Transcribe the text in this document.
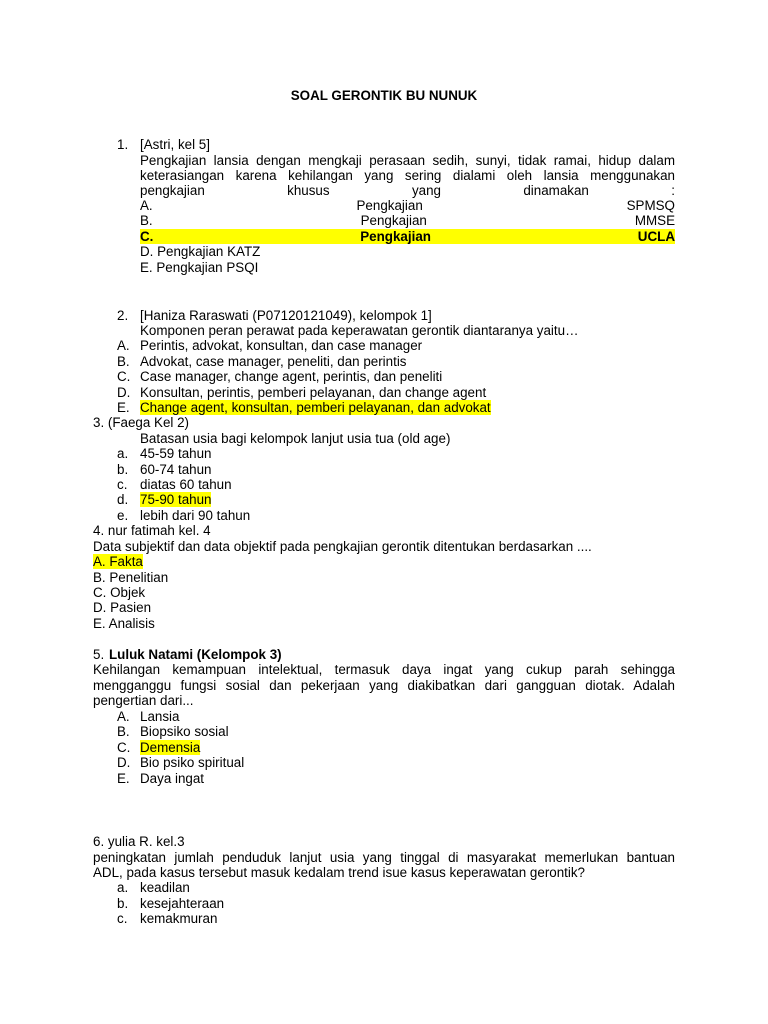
SOAL GERONTIK BU NUNUK
1. [Astri, kel 5]
Pengkajian lansia dengan mengkaji perasaan sedih, sunyi, tidak ramai, hidup dalam
keterasiangan karena kehilangan yang sering dialami oleh lansia menggunakan
pengkajian	khusus	yang	dinamakan	:
A.	Pengkajian	SPMSQ
B.	Pengkajian	MMSE
C.	Pengkajian	UCLA
D. Pengkajian KATZ
E. Pengkajian PSQI
2. [Haniza Raraswati (P07120121049), kelompok 1]
Komponen peran perawat pada keperawatan gerontik diantaranya yaitu…
A. Perintis, advokat, konsultan, dan case manager
B. Advokat, case manager, peneliti, dan perintis
C. Case manager, change agent, perintis, dan peneliti
D. Konsultan, perintis, pemberi pelayanan, dan change agent
E. Change agent, konsultan, pemberi pelayanan, dan advokat
3. (Faega Kel 2)
Batasan usia bagi kelompok lanjut usia tua (old age)
a. 45-59 tahun
b. 60-74 tahun
c. diatas 60 tahun
d. 75-90 tahun
e. lebih dari 90 tahun
4. nur fatimah kel. 4
Data subjektif dan data objektif pada pengkajian gerontik ditentukan berdasarkan ....
A. Fakta
B. Penelitian
C. Objek
D. Pasien
E. Analisis
5. Luluk Natami (Kelompok 3)
Kehilangan kemampuan intelektual, termasuk daya ingat yang cukup parah sehingga
mengganggu fungsi sosial dan pekerjaan yang diakibatkan dari gangguan diotak. Adalah
pengertian dari...
A. Lansia
B. Biopsiko sosial
C. Demensia
D. Bio psiko spiritual
E. Daya ingat
6. yulia R. kel.3
peningkatan jumlah penduduk lanjut usia yang tinggal di masyarakat memerlukan bantuan
ADL, pada kasus tersebut masuk kedalam trend isue kasus keperawatan gerontik?
a. keadilan
b. kesejahteraan
c. kemakmuran
